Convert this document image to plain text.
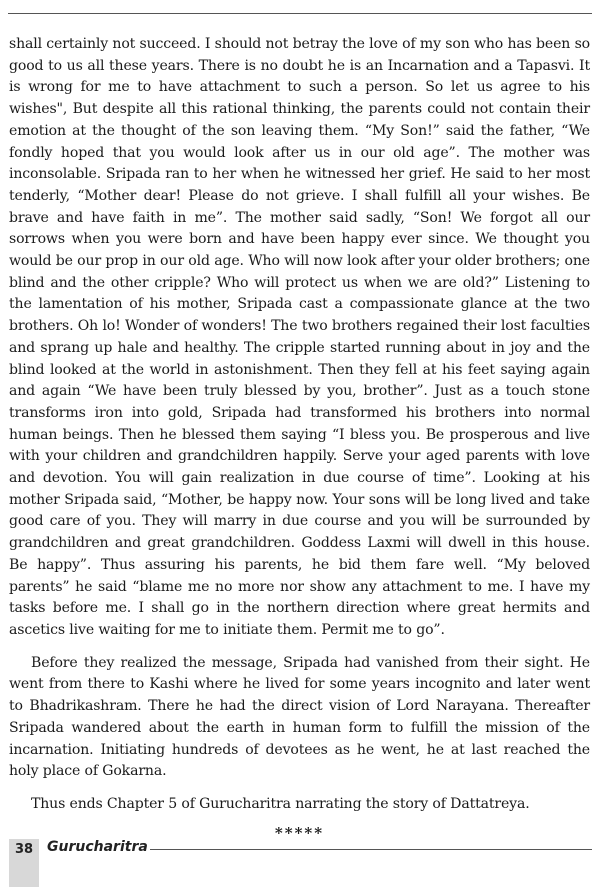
shall certainly not succeed. I should not betray the love of my son who has been so good to us all these years. There is no doubt he is an Incarnation and a Tapasvi. It is wrong for me to have attachment to such a person. So let us agree to his wishes", But despite all this rational thinking, the parents could not contain their emotion at the thought of the son leaving them. “My Son!” said the father, “We fondly hoped that you would look after us in our old age”. The mother was inconsolable. Sripada ran to her when he witnessed her grief. He said to her most tenderly, “Mother dear! Please do not grieve. I shall fulfill all your wishes. Be brave and have faith in me”. The mother said sadly, “Son! We forgot all our sorrows when you were born and have been happy ever since. We thought you would be our prop in our old age. Who will now look after your older brothers; one blind and the other cripple? Who will protect us when we are old?” Listening to the lamentation of his mother, Sripada cast a compassionate glance at the two brothers. Oh lo! Wonder of wonders! The two brothers regained their lost faculties and sprang up hale and healthy. The cripple started running about in joy and the blind looked at the world in astonishment. Then they fell at his feet saying again and again “We have been truly blessed by you, brother”. Just as a touch stone transforms iron into gold, Sripada had transformed his brothers into normal human beings. Then he blessed them saying “I bless you. Be prosperous and live with your children and grandchildren happily. Serve your aged parents with love and devotion. You will gain realization in due course of time”. Looking at his mother Sripada said, “Mother, be happy now. Your sons will be long lived and take good care of you. They will marry in due course and you will be surrounded by grandchildren and great grandchildren. Goddess Laxmi will dwell in this house. Be happy”. Thus assuring his parents, he bid them fare well. “My beloved parents” he said “blame me no more nor show any attachment to me. I have my tasks before me. I shall go in the northern direction where great hermits and ascetics live waiting for me to initiate them. Permit me to go”.

Before they realized the message, Sripada had vanished from their sight. He went from there to Kashi where he lived for some years incognito and later went to Bhadrikashram. There he had the direct vision of Lord Narayana. Thereafter Sripada wandered about the earth in human form to fulfill the mission of the incarnation. Initiating hundreds of devotees as he went, he at last reached the holy place of Gokarna.

Thus ends Chapter 5 of Gurucharitra narrating the story of Dattatreya.

*****
38 Gurucharitra
